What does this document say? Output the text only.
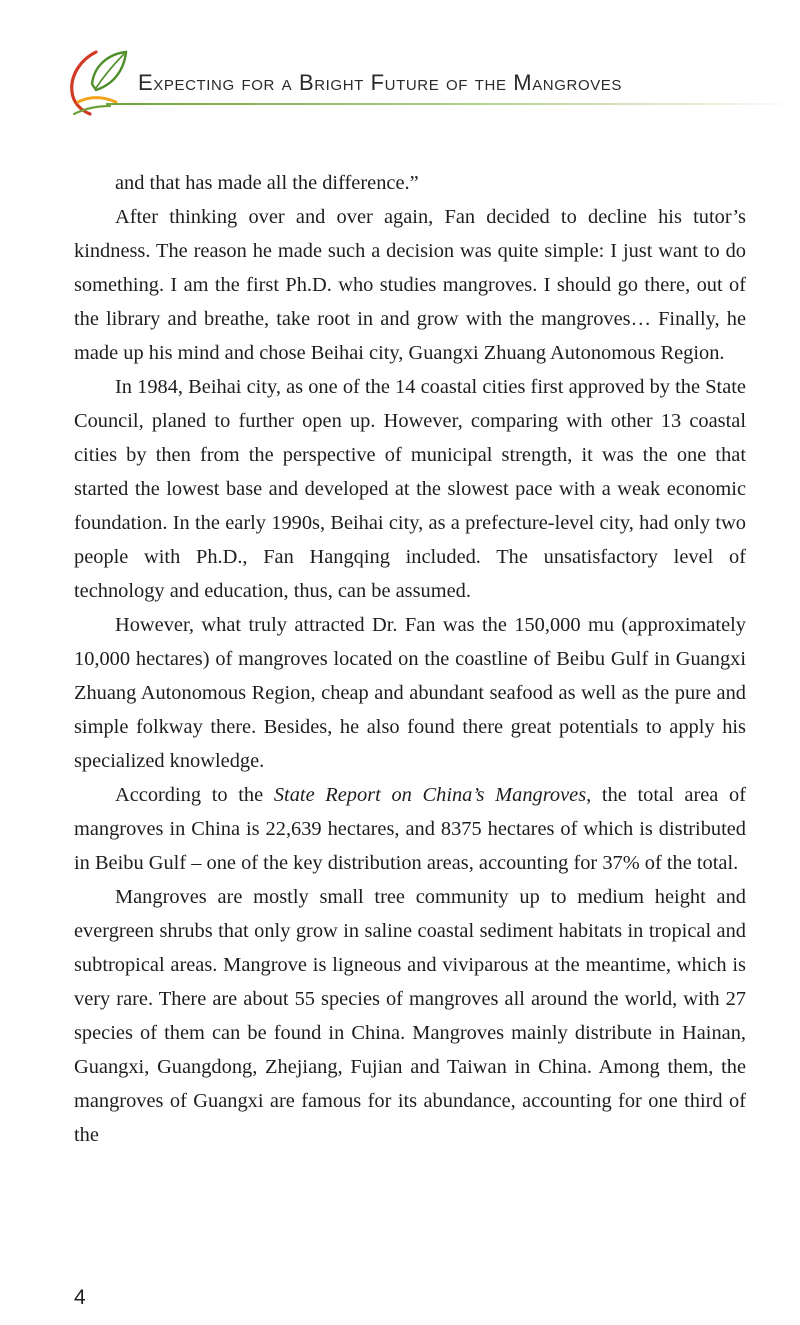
Expecting for a Bright Future of the Mangroves

and that has made all the difference.”

After thinking over and over again, Fan decided to decline his tutor’s kindness. The reason he made such a decision was quite simple: I just want to do something. I am the first Ph.D. who studies mangroves. I should go there, out of the library and breathe, take root in and grow with the mangroves… Finally, he made up his mind and chose Beihai city, Guangxi Zhuang Autonomous Region.

In 1984, Beihai city, as one of the 14 coastal cities first approved by the State Council, planed to further open up. However, comparing with other 13 coastal cities by then from the perspective of municipal strength, it was the one that started the lowest base and developed at the slowest pace with a weak economic foundation. In the early 1990s, Beihai city, as a prefecture-level city, had only two people with Ph.D., Fan Hangqing included. The unsatisfactory level of technology and education, thus, can be assumed.

However, what truly attracted Dr. Fan was the 150,000 mu (approximately 10,000 hectares) of mangroves located on the coastline of Beibu Gulf in Guangxi Zhuang Autonomous Region, cheap and abundant seafood as well as the pure and simple folkway there. Besides, he also found there great potentials to apply his specialized knowledge.

According to the State Report on China’s Mangroves, the total area of mangroves in China is 22,639 hectares, and 8375 hectares of which is distributed in Beibu Gulf – one of the key distribution areas, accounting for 37% of the total.

Mangroves are mostly small tree community up to medium height and evergreen shrubs that only grow in saline coastal sediment habitats in tropical and subtropical areas. Mangrove is ligneous and viviparous at the meantime, which is very rare. There are about 55 species of mangroves all around the world, with 27 species of them can be found in China. Mangroves mainly distribute in Hainan, Guangxi, Guangdong, Zhejiang, Fujian and Taiwan in China. Among them, the mangroves of Guangxi are famous for its abundance, accounting for one third of the

4
